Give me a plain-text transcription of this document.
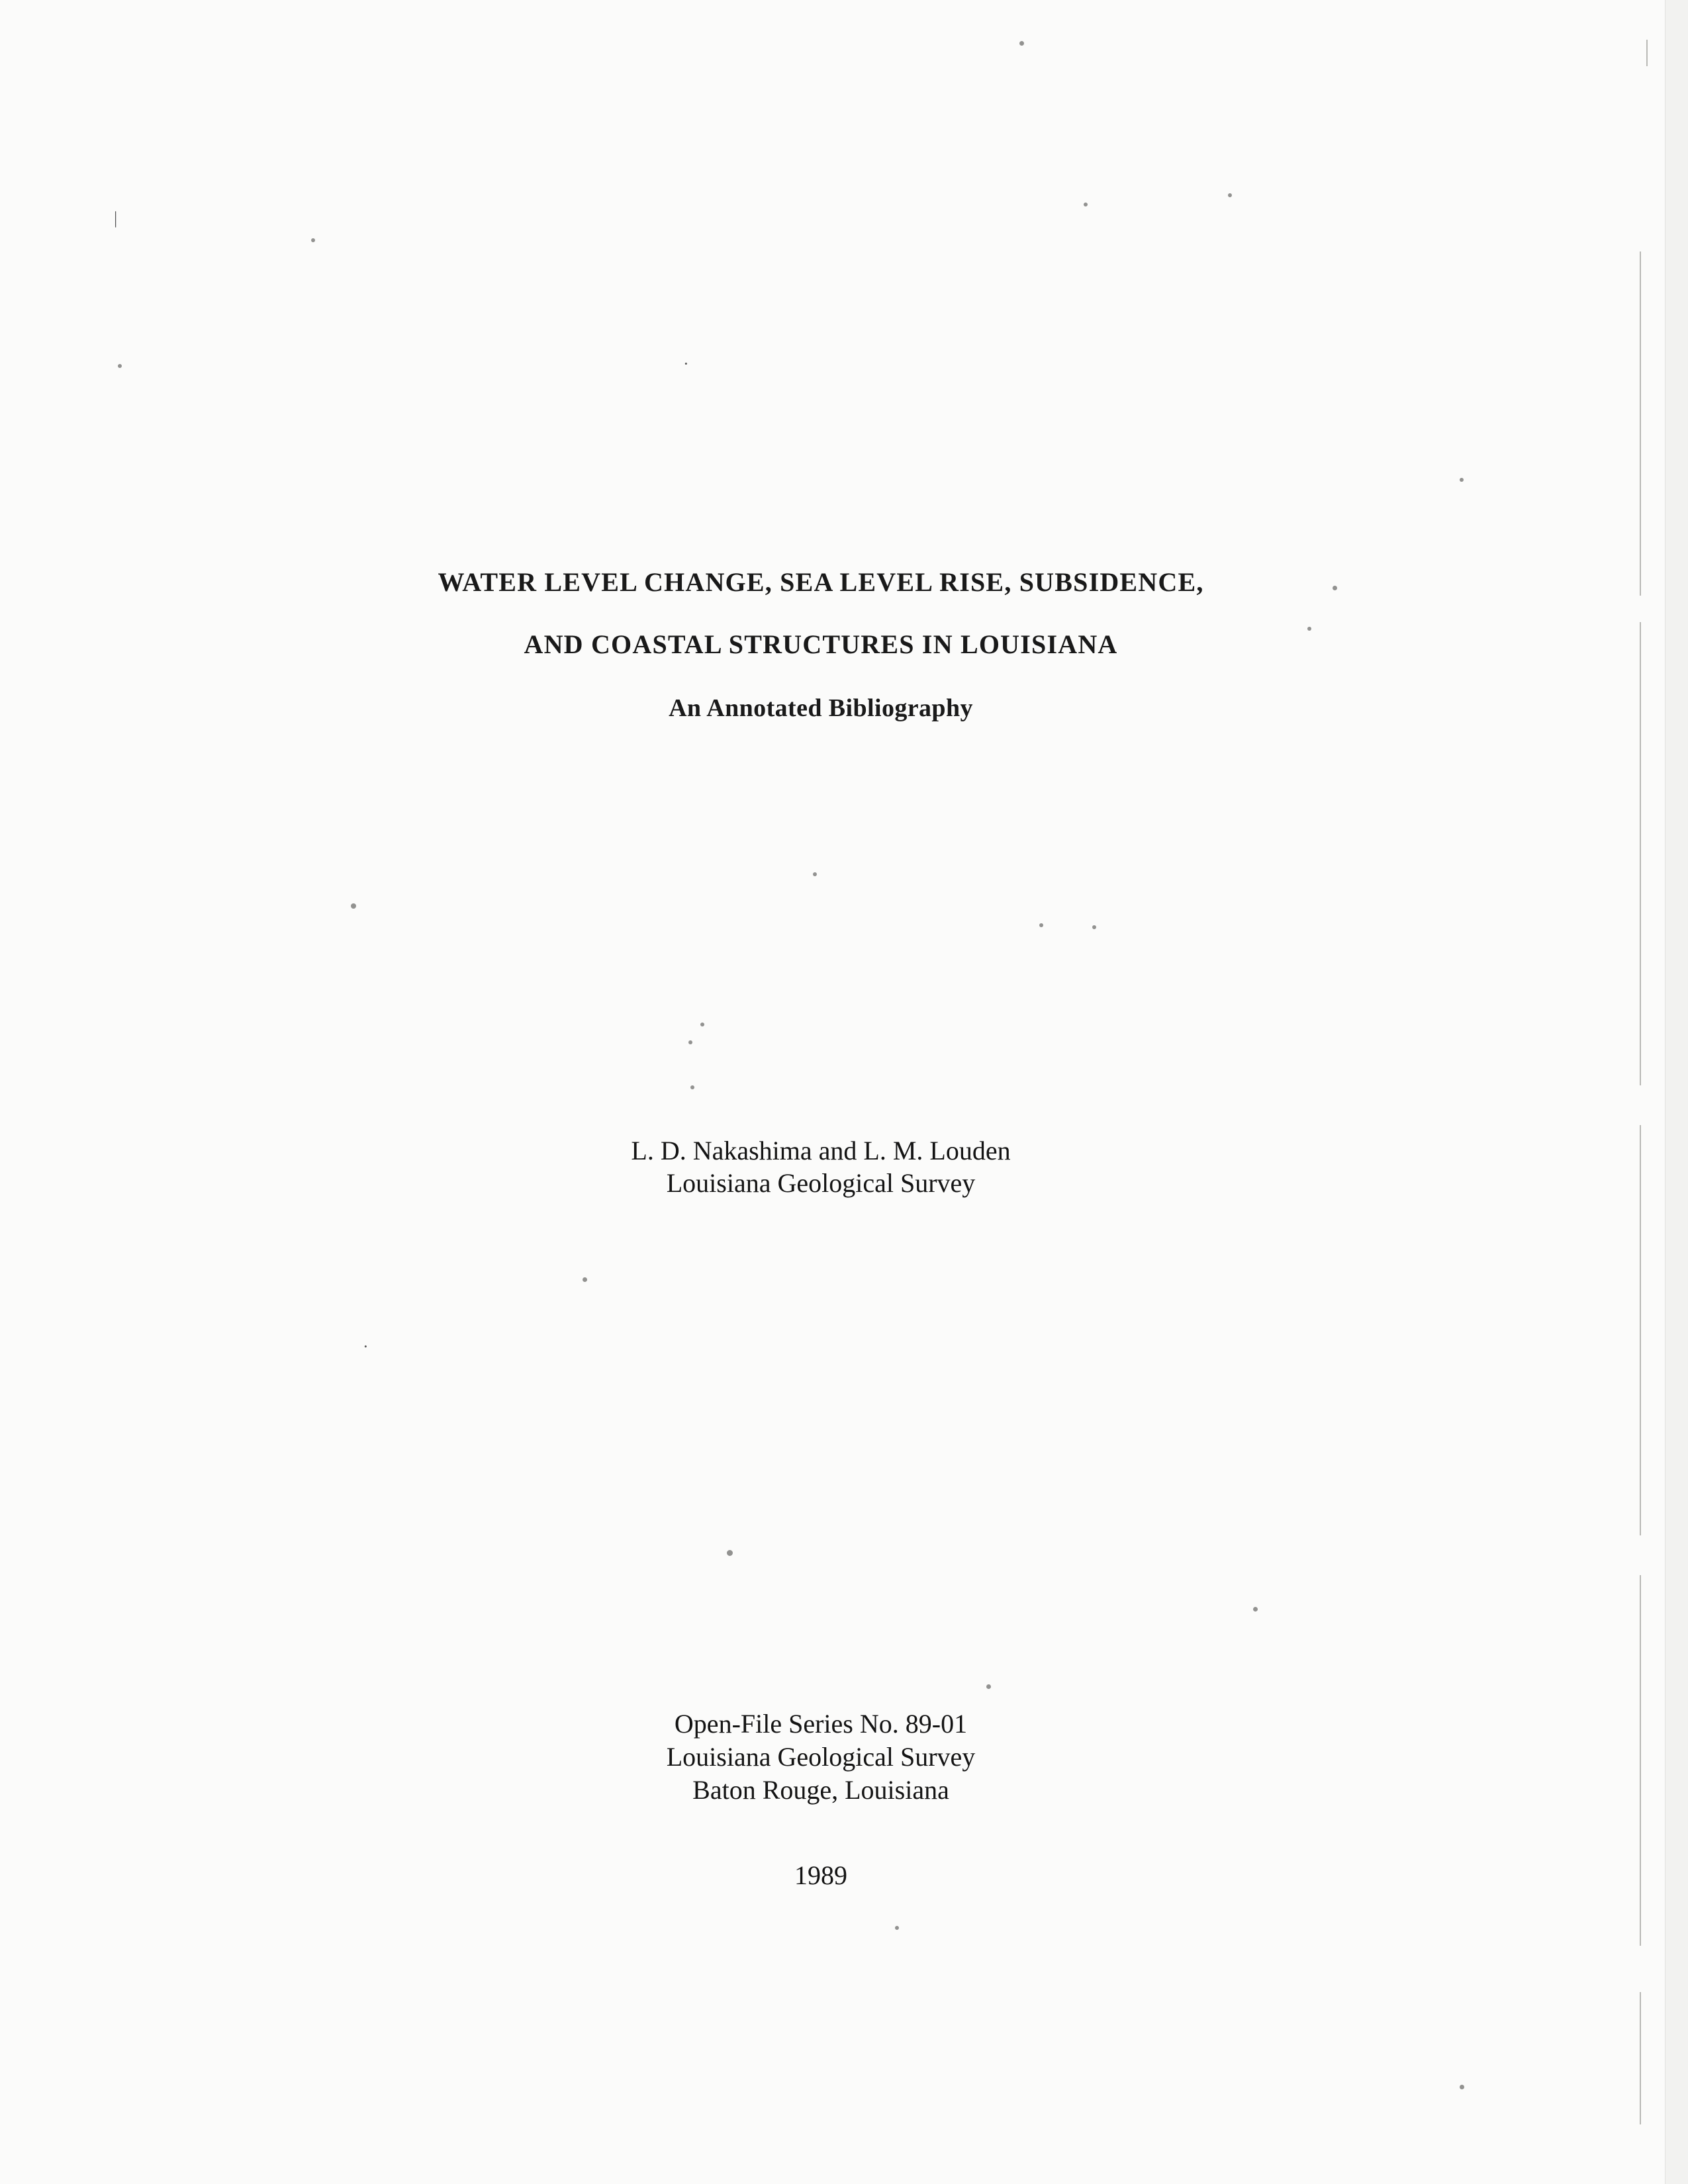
|
·
·
WATER LEVEL CHANGE, SEA LEVEL RISE, SUBSIDENCE,
AND COASTAL STRUCTURES IN LOUISIANA
An Annotated Bibliography
L. D. Nakashima and L. M. Louden
Louisiana Geological Survey
Open-File Series No. 89-01
Louisiana Geological Survey
Baton Rouge, Louisiana
1989
